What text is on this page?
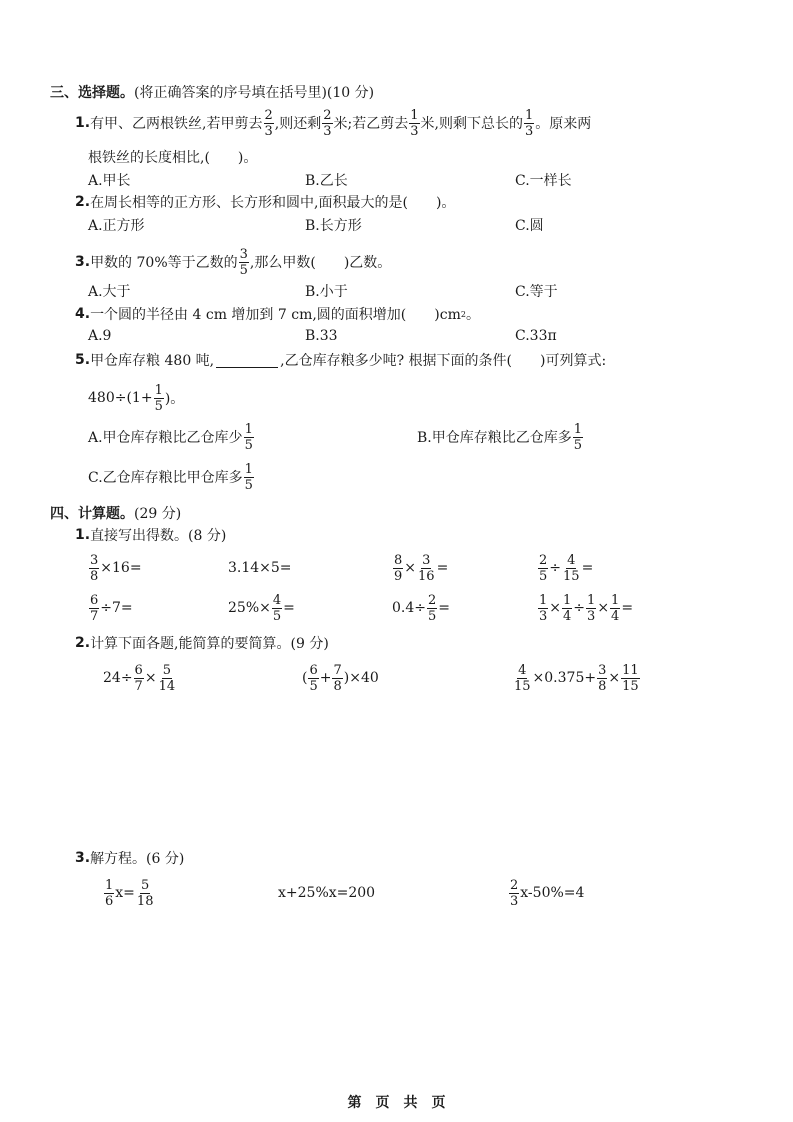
三、选择题。 (将正确答案的序号填在括号里)(10 分)
1. 有甲、乙两根铁丝,若甲剪去 $\frac{2}{3}$ ,则还剩 $\frac{2}{3}$ 米;若乙剪去 $\frac{1}{3}$ 米,则剩下总长的 $\frac{1}{3}$ 。原来两
根铁丝的长度相比,(　　)。
A.甲长	B.乙长	C.一样长
2. 在周长相等的正方形、长方形和圆中,面积最大的是(　　)。
A.正方形	B.长方形	C.圆
3. 甲数的 70%等于乙数的 $\frac{3}{5}$ ,那么甲数(　　)乙数。
A.大于	B.小于	C.等于
4. 一个圆的半径由 4 cm 增加到 7 cm,圆的面积增加(　　)cm 2 。
A.9	B.33	C.33π
5. 甲仓库存粮 480 吨,	,乙仓库存粮多少吨? 根据下面的条件(　　)可列算式:
$480\div(1+ \frac{1}{5}$ )。
A.甲仓库存粮比乙仓库少 $\frac{1}{5}$	B.甲仓库存粮比乙仓库多 $\frac{1}{5}$
C.乙仓库存粮比甲仓库多 $\frac{1}{5}$
四、计算题。 (29 分)
1. 直接写出得数。(8 分)
$\frac{3}{8} \times 16=$	3.14×5=	$\frac{8}{9} \times \frac{3}{16}$ =	$\frac{2}{5} \div \frac{4}{15}$ =
$\frac{6}{7} \div 7=$	$25\%\times \frac{4}{5}$ =	$0.4\div \frac{2}{5}$ =	$\frac{1}{3} \times \frac{1}{4} \div \frac{1}{3} \times \frac{1}{4}$ =
2. 计算下面各题,能简算的要简算。(9 分)
$24\div \frac{6}{7} \times \frac{5}{14}$	( $\frac{6}{5} + \frac{7}{8} )\times 40$	$\frac{4}{15} \times 0.375+ \frac{3}{8} \times \frac{11}{15}$
3. 解方程。(6 分)
$\frac{1}{6} x= \frac{5}{18}$	x+25%x=200	$\frac{2}{3} x-50\%=4$
第　页　共　页
